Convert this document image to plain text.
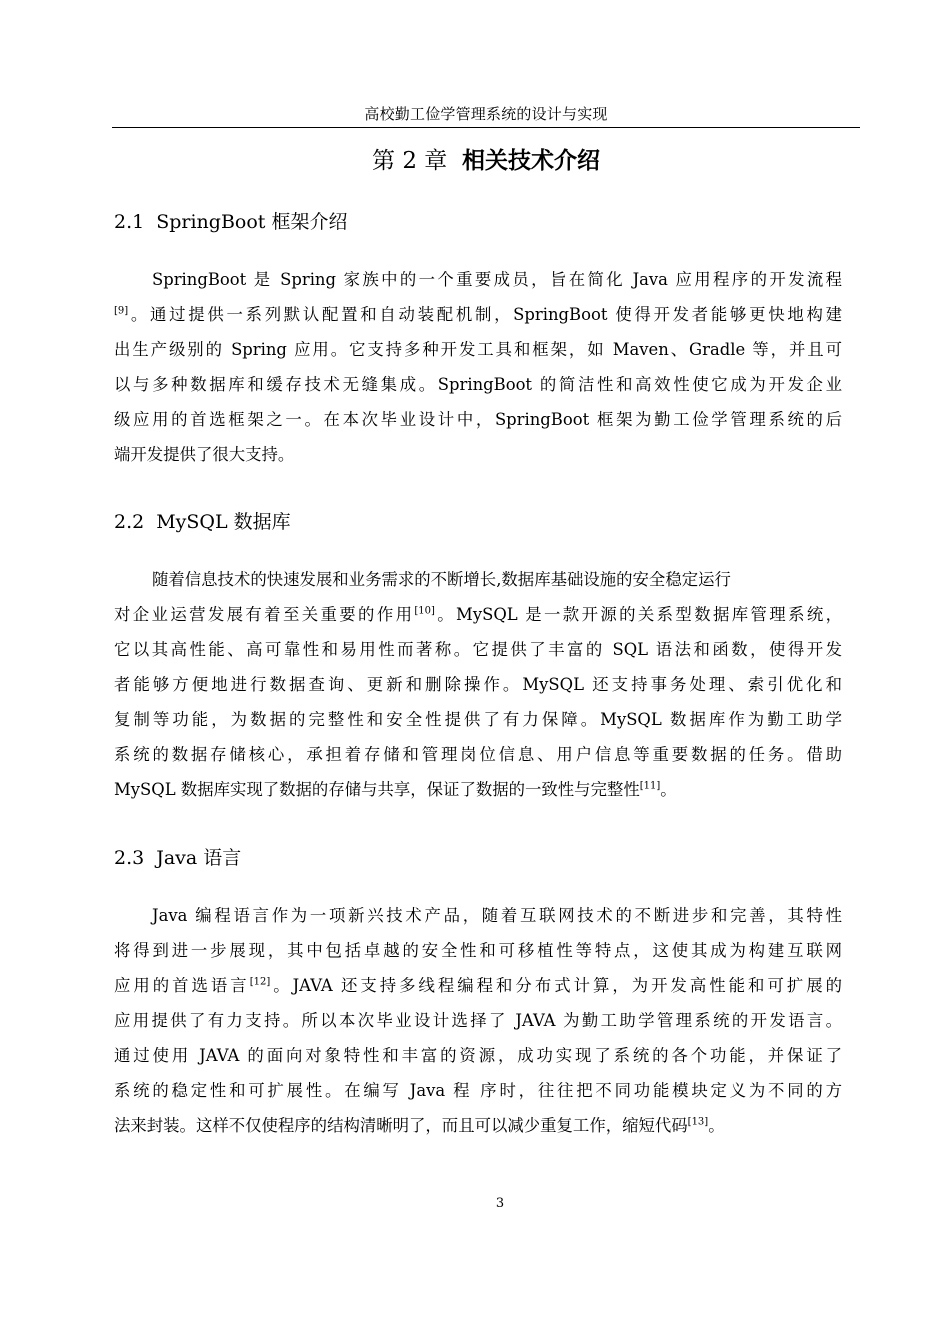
高校勤工俭学管理系统的设计与实现
第 2 章 相关技术介绍
2.1 SpringBoot 框架介绍
SpringBoot 是 Spring 家族中的一个重要成员，旨在简化 Java 应用程序的开发流程
[9]。通过提供一系列默认配置和自动装配机制，SpringBoot 使得开发者能够更快地构建
出生产级别的 Spring 应用。它支持多种开发工具和框架，如 Maven、Gradle 等，并且可
以与多种数据库和缓存技术无缝集成。SpringBoot 的简洁性和高效性使它成为开发企业
级应用的首选框架之一。在本次毕业设计中，SpringBoot 框架为勤工俭学管理系统的后
端开发提供了很大支持。
2.2 MySQL 数据库
随着信息技术的快速发展和业务需求的不断增长,数据库基础设施的安全稳定运行
对企业运营发展有着至关重要的作用[10]。MySQL 是一款开源的关系型数据库管理系统，
它以其高性能、高可靠性和易用性而著称。它提供了丰富的 SQL 语法和函数，使得开发
者能够方便地进行数据查询、更新和删除操作。MySQL 还支持事务处理、索引优化和
复制等功能，为数据的完整性和安全性提供了有力保障。MySQL 数据库作为勤工助学
系统的数据存储核心，承担着存储和管理岗位信息、用户信息等重要数据的任务。借助
MySQL 数据库实现了数据的存储与共享，保证了数据的一致性与完整性[11]。
2.3 Java 语言
Java 编程语言作为一项新兴技术产品，随着互联网技术的不断进步和完善，其特性
将得到进一步展现，其中包括卓越的安全性和可移植性等特点，这使其成为构建互联网
应用的首选语言[12]。JAVA 还支持多线程编程和分布式计算，为开发高性能和可扩展的
应用提供了有力支持。所以本次毕业设计选择了 JAVA 为勤工助学管理系统的开发语言。
通过使用 JAVA 的面向对象特性和丰富的资源，成功实现了系统的各个功能，并保证了
系统的稳定性和可扩展性。在编写 Java 程 序时，往往把不同功能模块定义为不同的方
法来封装。这样不仅使程序的结构清晰明了，而且可以减少重复工作，缩短代码[13]。
3
